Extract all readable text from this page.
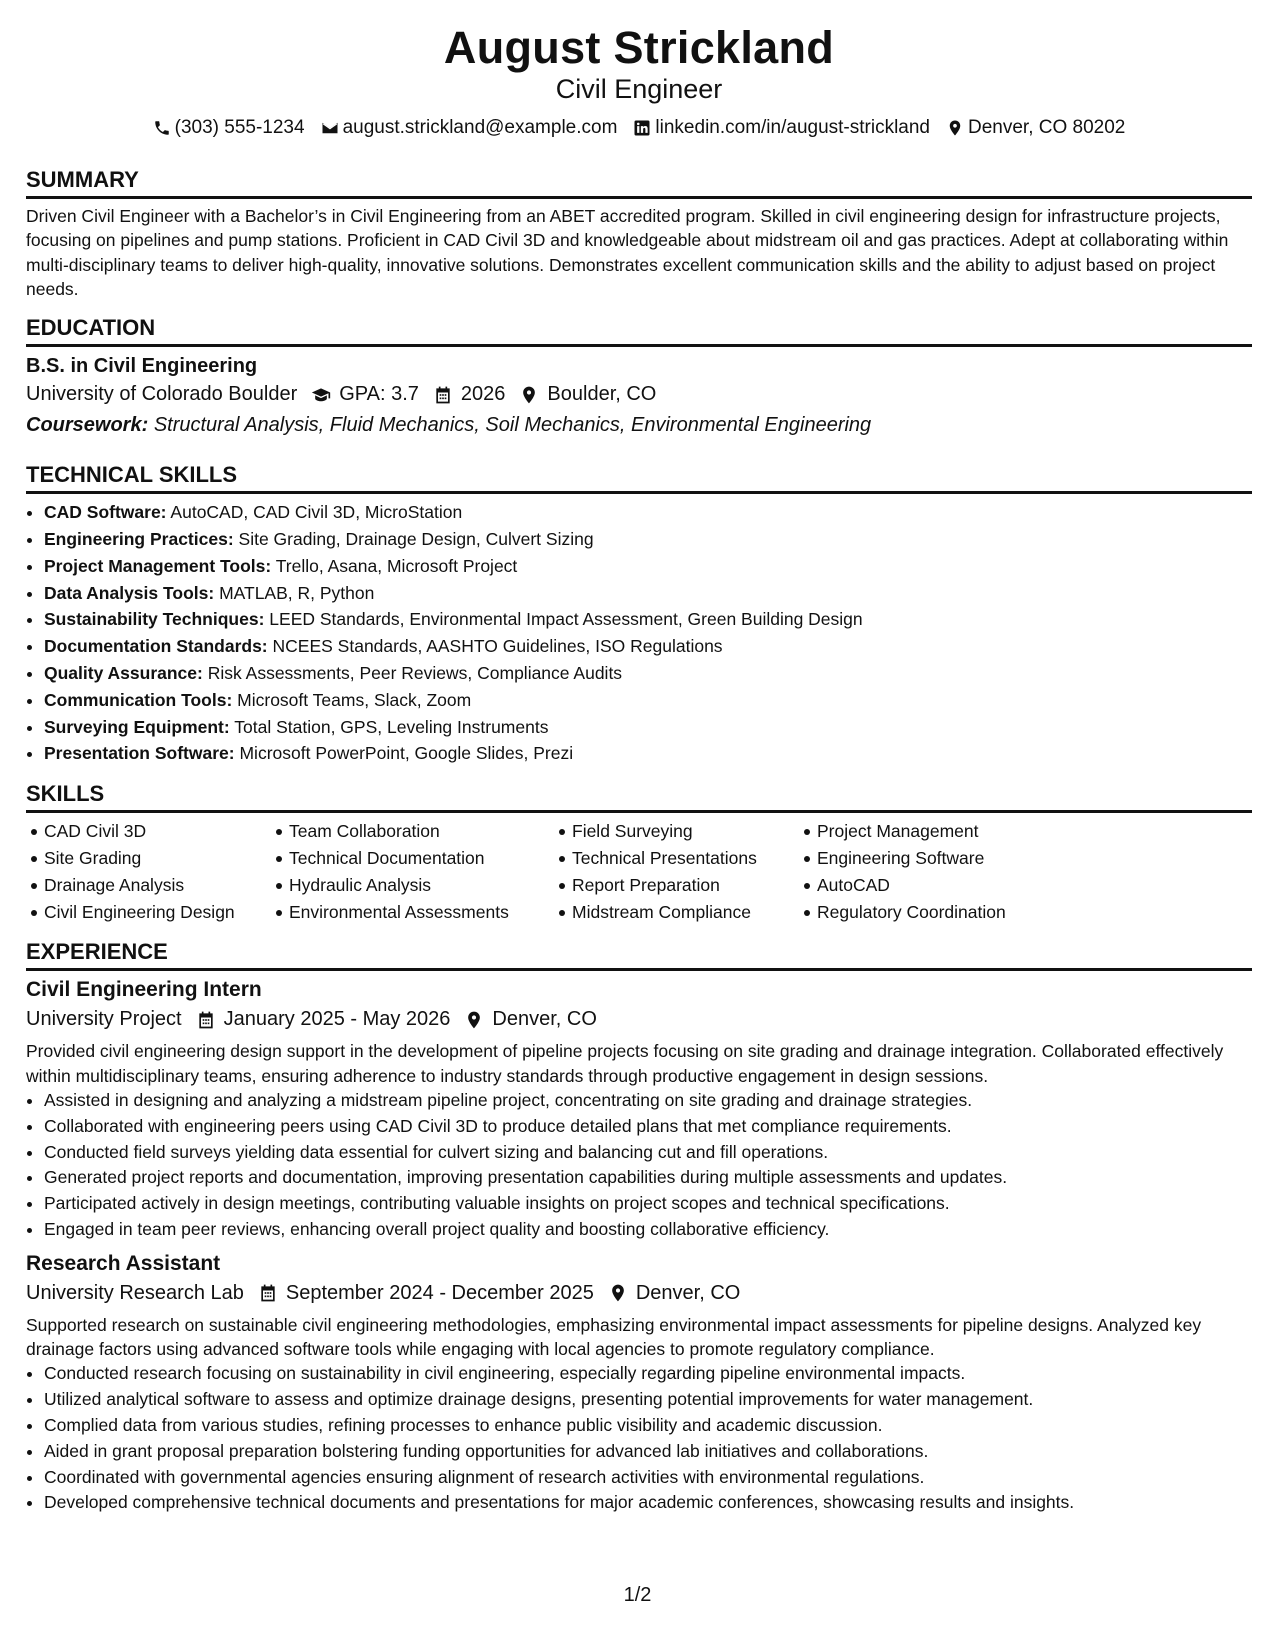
August Strickland
Civil Engineer
(303) 555-1234 august.strickland@example.com linkedin.com/in/august-strickland Denver, CO 80202
SUMMARY
Driven Civil Engineer with a Bachelor’s in Civil Engineering from an ABET accredited program. Skilled in civil engineering design for infrastructure projects, focusing on pipelines and pump stations. Proficient in CAD Civil 3D and knowledgeable about midstream oil and gas practices. Adept at collaborating within multi-disciplinary teams to deliver high-quality, innovative solutions. Demonstrates excellent communication skills and the ability to adjust based on project needs.
EDUCATION
B.S. in Civil Engineering
University of Colorado Boulder GPA: 3.7 2026 Boulder, CO
Coursework: Structural Analysis, Fluid Mechanics, Soil Mechanics, Environmental Engineering
TECHNICAL SKILLS
• CAD Software: AutoCAD, CAD Civil 3D, MicroStation
• Engineering Practices: Site Grading, Drainage Design, Culvert Sizing
• Project Management Tools: Trello, Asana, Microsoft Project
• Data Analysis Tools: MATLAB, R, Python
• Sustainability Techniques: LEED Standards, Environmental Impact Assessment, Green Building Design
• Documentation Standards: NCEES Standards, AASHTO Guidelines, ISO Regulations
• Quality Assurance: Risk Assessments, Peer Reviews, Compliance Audits
• Communication Tools: Microsoft Teams, Slack, Zoom
• Surveying Equipment: Total Station, GPS, Leveling Instruments
• Presentation Software: Microsoft PowerPoint, Google Slides, Prezi
SKILLS
CAD Civil 3D
Site Grading
Drainage Analysis
Civil Engineering Design
Team Collaboration
Technical Documentation
Hydraulic Analysis
Environmental Assessments
Field Surveying
Technical Presentations
Report Preparation
Midstream Compliance
Project Management
Engineering Software
AutoCAD
Regulatory Coordination
EXPERIENCE
Civil Engineering Intern
University Project January 2025 - May 2026 Denver, CO
Provided civil engineering design support in the development of pipeline projects focusing on site grading and drainage integration. Collaborated effectively within multidisciplinary teams, ensuring adherence to industry standards through productive engagement in design sessions.
• Assisted in designing and analyzing a midstream pipeline project, concentrating on site grading and drainage strategies.
• Collaborated with engineering peers using CAD Civil 3D to produce detailed plans that met compliance requirements.
• Conducted field surveys yielding data essential for culvert sizing and balancing cut and fill operations.
• Generated project reports and documentation, improving presentation capabilities during multiple assessments and updates.
• Participated actively in design meetings, contributing valuable insights on project scopes and technical specifications.
• Engaged in team peer reviews, enhancing overall project quality and boosting collaborative efficiency.
Research Assistant
University Research Lab September 2024 - December 2025 Denver, CO
Supported research on sustainable civil engineering methodologies, emphasizing environmental impact assessments for pipeline designs. Analyzed key drainage factors using advanced software tools while engaging with local agencies to promote regulatory compliance.
• Conducted research focusing on sustainability in civil engineering, especially regarding pipeline environmental impacts.
• Utilized analytical software to assess and optimize drainage designs, presenting potential improvements for water management.
• Complied data from various studies, refining processes to enhance public visibility and academic discussion.
• Aided in grant proposal preparation bolstering funding opportunities for advanced lab initiatives and collaborations.
• Coordinated with governmental agencies ensuring alignment of research activities with environmental regulations.
• Developed comprehensive technical documents and presentations for major academic conferences, showcasing results and insights.
1/2
